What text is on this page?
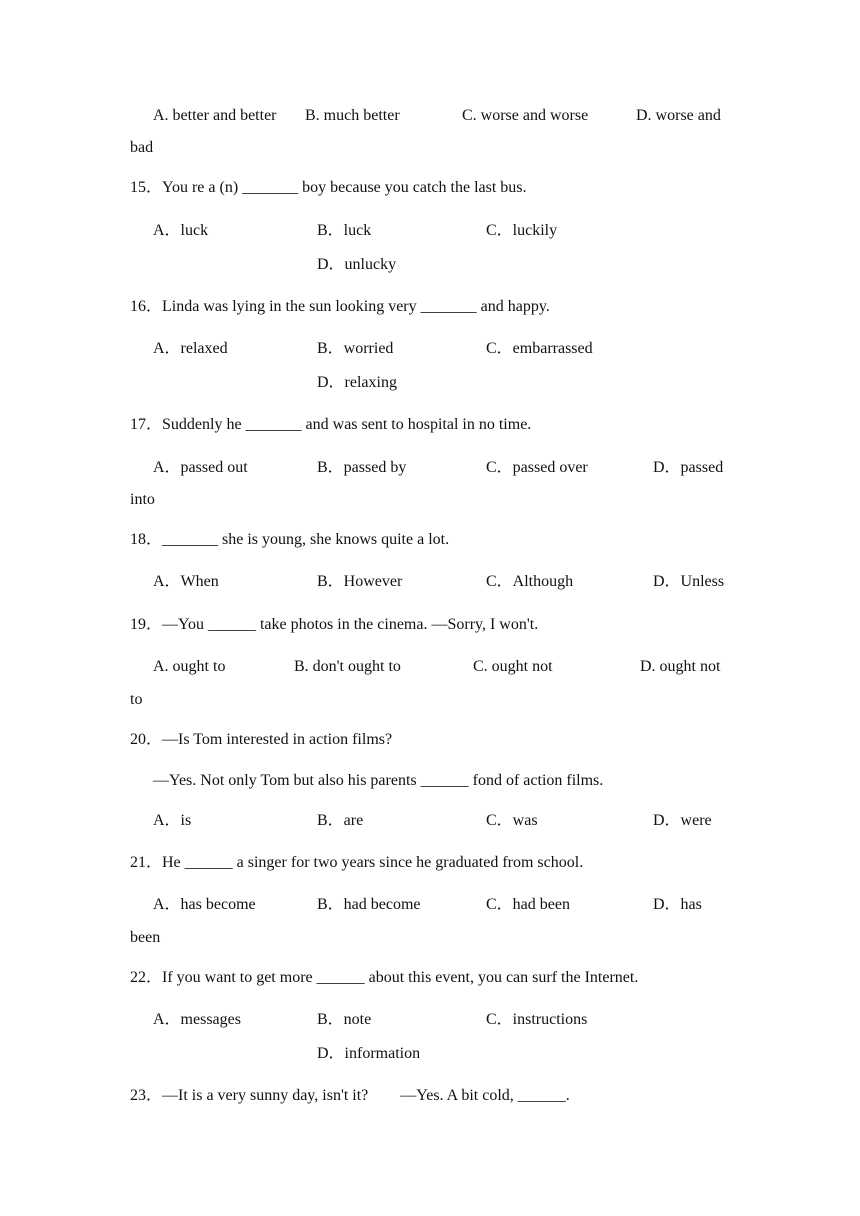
A. better and better B. much better	C. worse and worse	D. worse and
bad
15．You re a (n) _______ boy because you catch the last bus.
A．luck	B．luck	C．luckily
D．unlucky
16．Linda was lying in the sun looking very _______ and happy.
A．relaxed	B．worried	C．embarrassed
D．relaxing
17．Suddenly he _______ and was sent to hospital in no time.
A．passed out	B．passed by	C．passed over	D．passed
into
18．_______ she is young, she knows quite a lot.
A．When	B．However	C．Although	D．Unless
19．—You ______ take photos in the cinema. —Sorry, I won't.
A. ought to	B. don't ought to	C. ought not	D. ought not
to
20．—Is Tom interested in action films?
—Yes. Not only Tom but also his parents ______ fond of action films.
A．is	B．are	C．was	D．were
21．He ______ a singer for two years since he graduated from school.
A．has become	B．had become	C．had been	D．has
been
22．If you want to get more ______ about this event, you can surf the Internet.
A．messages	B．note	C．instructions
D．information
23．—It is a very sunny day, isn't it?　　—Yes. A bit cold, ______.
